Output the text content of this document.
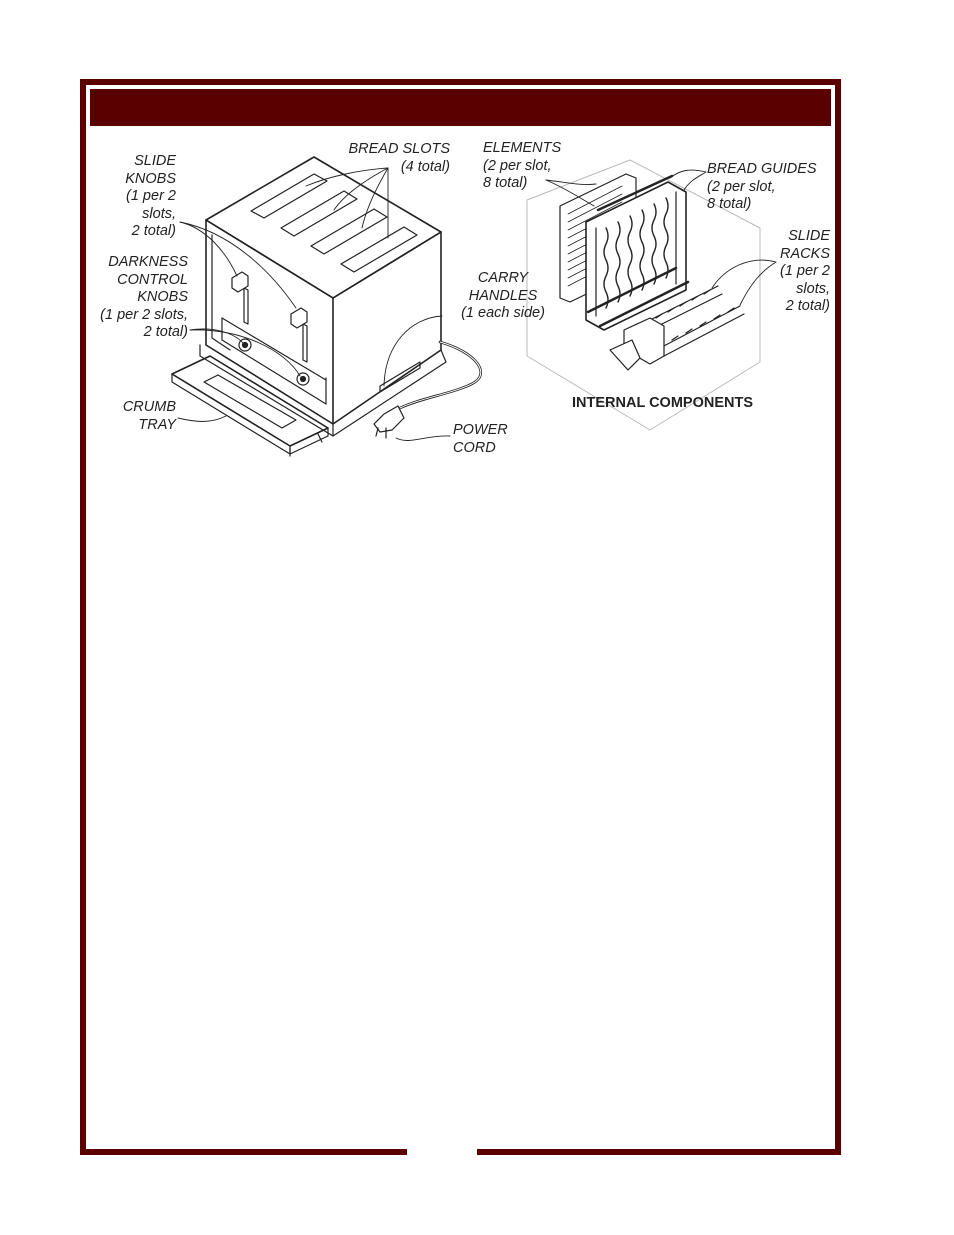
SLIDE
KNOBS
(1 per 2
slots,
2 total)
BREAD SLOTS
(4 total)
DARKNESS
CONTROL
KNOBS
(1 per 2 slots,
2 total)
CARRY
HANDLES
(1 each side)
CRUMB
TRAY	POWER
CORD
ELEMENTS
(2 per slot,
8 total)
BREAD GUIDES
(2 per slot,
8 total)
SLIDE
RACKS
(1 per 2
slots,
2 total)
INTERNAL COMPONENTS
